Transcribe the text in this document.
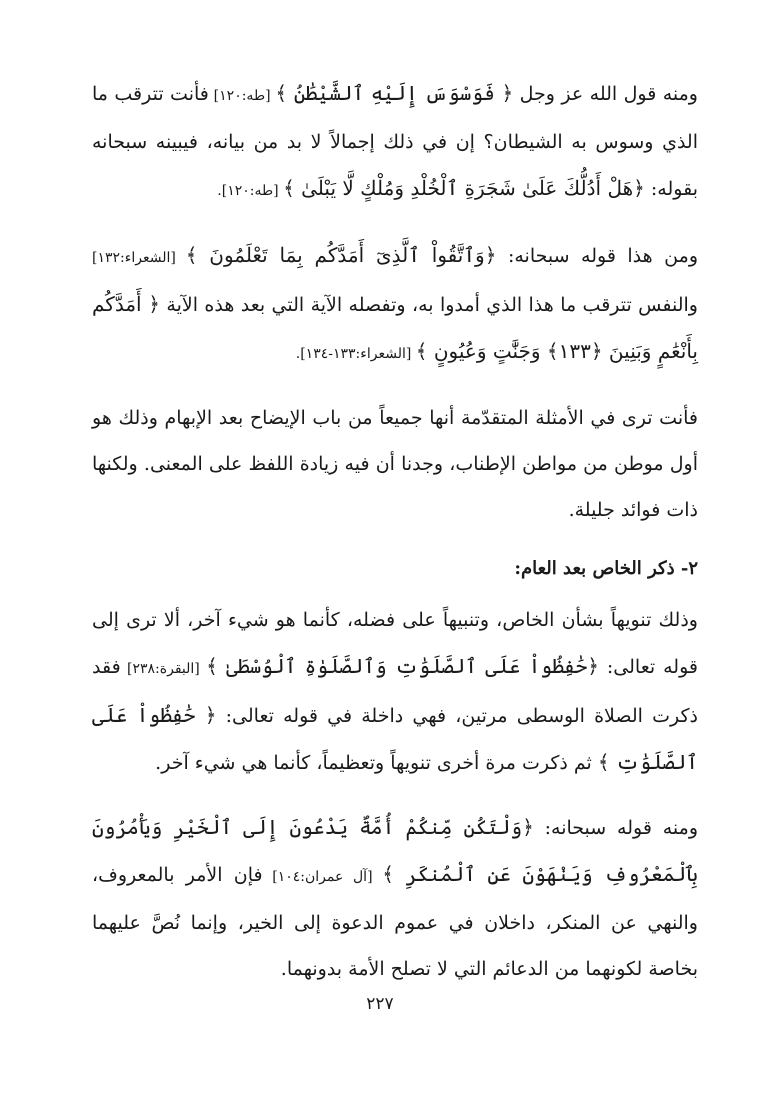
ومنه قول الله عز وجل ﴿ فَوَسْوَسَ إِلَيْهِ ٱلشَّيْطَٰنُ ﴾ [طه:١٢٠] فأنت تترقب ما الذي وسوس به الشيطان؟ إن في ذلك إجمالاً لا بد من بيانه، فيبينه سبحانه بقوله: ﴿هَلْ أَدُلُّكَ عَلَىٰ شَجَرَةِ ٱلْخُلْدِ وَمُلْكٍ لَّا يَبْلَىٰ ﴾ [طه:١٢٠].
ومن هذا قوله سبحانه: ﴿وَٱتَّقُواْ ٱلَّذِىٓ أَمَدَّكُم بِمَا تَعْلَمُونَ ﴾ [الشعراء:١٣٢] والنفس تترقب ما هذا الذي أمدوا به، وتفصله الآية التي بعد هذه الآية ﴿ أَمَدَّكُم بِأَنْعَٰمٍ وَبَنِينَ ﴿١٣٣﴾ وَجَنَّٰتٍ وَعُيُونٍ ﴾ [الشعراء:١٣٣-١٣٤].
فأنت ترى في الأمثلة المتقدّمة أنها جميعاً من باب الإيضاح بعد الإبهام وذلك هو أول موطن من مواطن الإطناب، وجدنا أن فيه زيادة اللفظ على المعنى. ولكنها ذات فوائد جليلة.
٢- ذكر الخاص بعد العام:
وذلك تنويهاً بشأن الخاص، وتنبيهاً على فضله، كأنما هو شيء آخر، ألا ترى إلى قوله تعالى: ﴿حَٰفِظُواْ عَلَى ٱلصَّلَوَٰتِ وَٱلصَّلَوٰةِ ٱلْوُسْطَىٰ ﴾ [البقرة:٢٣٨] فقد ذكرت الصلاة الوسطى مرتين، فهي داخلة في قوله تعالى: ﴿ حَٰفِظُواْ عَلَى ٱلصَّلَوَٰتِ ﴾ ثم ذكرت مرة أخرى تنويهاً وتعظيماً، كأنما هي شيء آخر.
ومنه قوله سبحانه: ﴿وَلْتَكُن مِّنكُمْ أُمَّةٌ يَدْعُونَ إِلَى ٱلْخَيْرِ وَيَأْمُرُونَ بِٱلْمَعْرُوفِ وَيَنْهَوْنَ عَنِ ٱلْمُنكَرِ ﴾ [آل عمران:١٠٤] فإن الأمر بالمعروف، والنهي عن المنكر، داخلان في عموم الدعوة إلى الخير، وإنما نُصَّ عليهما بخاصة لكونهما من الدعائم التي لا تصلح الأمة بدونهما.
٢٢٧
